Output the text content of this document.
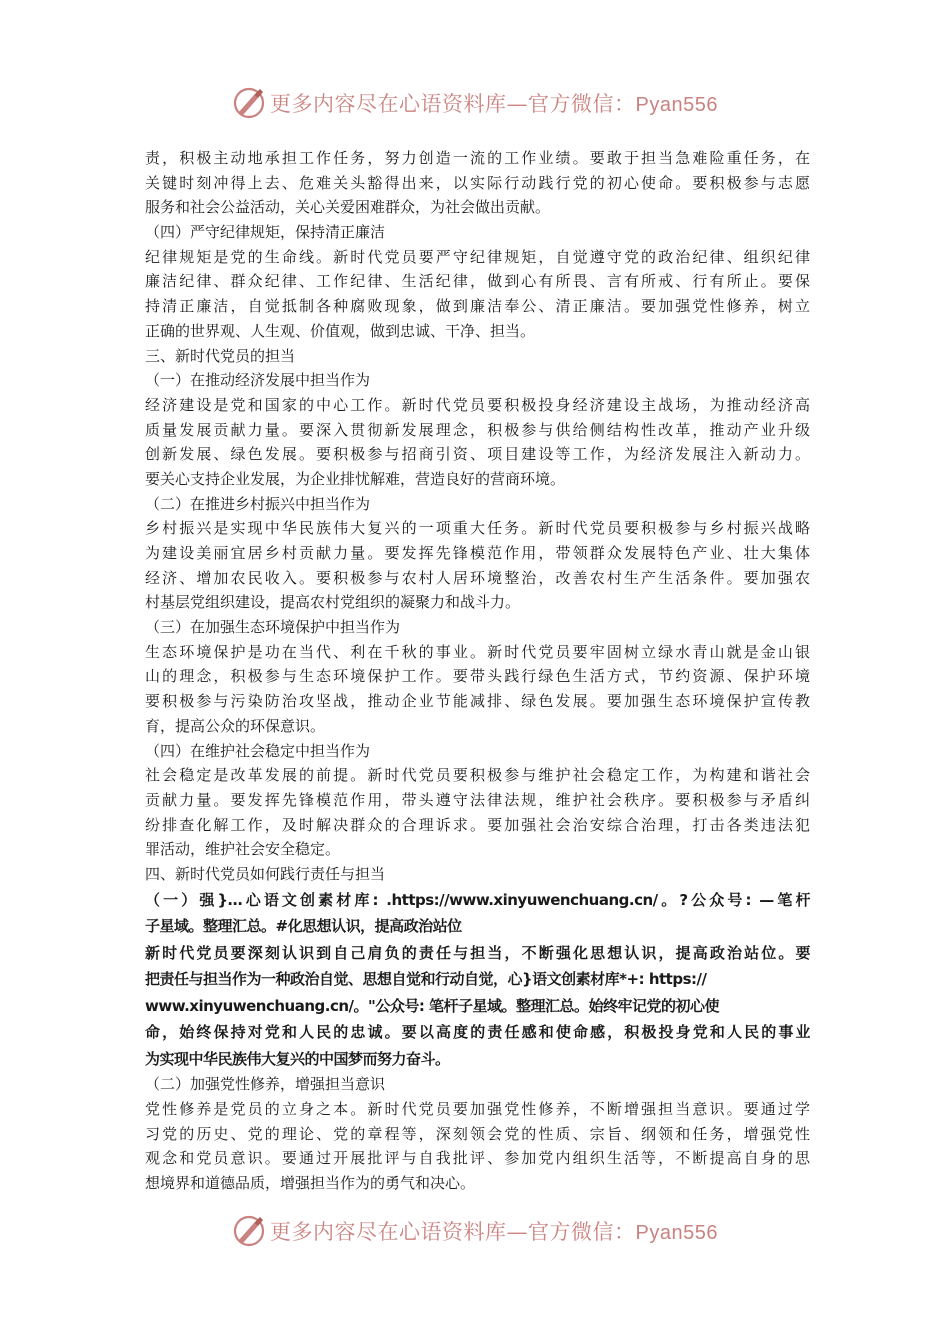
更多内容尽在心语资料库—官方微信：Pyan556
责，积极主动地承担工作任务，努力创造一流的工作业绩。要敢于担当急难险重任务，在
关键时刻冲得上去、危难关头豁得出来，以实际行动践行党的初心使命。要积极参与志愿
服务和社会公益活动，关心关爱困难群众，为社会做出贡献。
（四）严守纪律规矩，保持清正廉洁
纪律规矩是党的生命线。新时代党员要严守纪律规矩，自觉遵守党的政治纪律、组织纪律
廉洁纪律、群众纪律、工作纪律、生活纪律，做到心有所畏、言有所戒、行有所止。要保
持清正廉洁，自觉抵制各种腐败现象，做到廉洁奉公、清正廉洁。要加强党性修养，树立
正确的世界观、人生观、价值观，做到忠诚、干净、担当。
三、新时代党员的担当
（一）在推动经济发展中担当作为
经济建设是党和国家的中心工作。新时代党员要积极投身经济建设主战场，为推动经济高
质量发展贡献力量。要深入贯彻新发展理念，积极参与供给侧结构性改革，推动产业升级
创新发展、绿色发展。要积极参与招商引资、项目建设等工作，为经济发展注入新动力。
要关心支持企业发展，为企业排忧解难，营造良好的营商环境。
（二）在推进乡村振兴中担当作为
乡村振兴是实现中华民族伟大复兴的一项重大任务。新时代党员要积极参与乡村振兴战略
为建设美丽宜居乡村贡献力量。要发挥先锋模范作用，带领群众发展特色产业、壮大集体
经济、增加农民收入。要积极参与农村人居环境整治，改善农村生产生活条件。要加强农
村基层党组织建设，提高农村党组织的凝聚力和战斗力。
（三）在加强生态环境保护中担当作为
生态环境保护是功在当代、利在千秋的事业。新时代党员要牢固树立绿水青山就是金山银
山的理念，积极参与生态环境保护工作。要带头践行绿色生活方式，节约资源、保护环境
要积极参与污染防治攻坚战，推动企业节能减排、绿色发展。要加强生态环境保护宣传教
育，提高公众的环保意识。
（四）在维护社会稳定中担当作为
社会稳定是改革发展的前提。新时代党员要积极参与维护社会稳定工作，为构建和谐社会
贡献力量。要发挥先锋模范作用，带头遵守法律法规，维护社会秩序。要积极参与矛盾纠
纷排查化解工作，及时解决群众的合理诉求。要加强社会治安综合治理，打击各类违法犯
罪活动，维护社会安全稳定。
四、新时代党员如何践行责任与担当
（一）强}…心语文创素材库: .https://www.xinyuwenchuang.cn/。?公众号: —笔杆
子星域。整理汇总。#化思想认识，提高政治站位
新时代党员要深刻认识到自己肩负的责任与担当，不断强化思想认识，提高政治站位。要
把责任与担当作为一种政治自觉、思想自觉和行动自觉，心}语文创素材库*+: https://
www.xinyuwenchuang.cn/。"公众号: 笔杆子星域。整理汇总。始终牢记党的初心使
命，始终保持对党和人民的忠诚。要以高度的责任感和使命感，积极投身党和人民的事业
为实现中华民族伟大复兴的中国梦而努力奋斗。
（二）加强党性修养，增强担当意识
党性修养是党员的立身之本。新时代党员要加强党性修养，不断增强担当意识。要通过学
习党的历史、党的理论、党的章程等，深刻领会党的性质、宗旨、纲领和任务，增强党性
观念和党员意识。要通过开展批评与自我批评、参加党内组织生活等，不断提高自身的思
想境界和道德品质，增强担当作为的勇气和决心。
更多内容尽在心语资料库—官方微信：Pyan556
